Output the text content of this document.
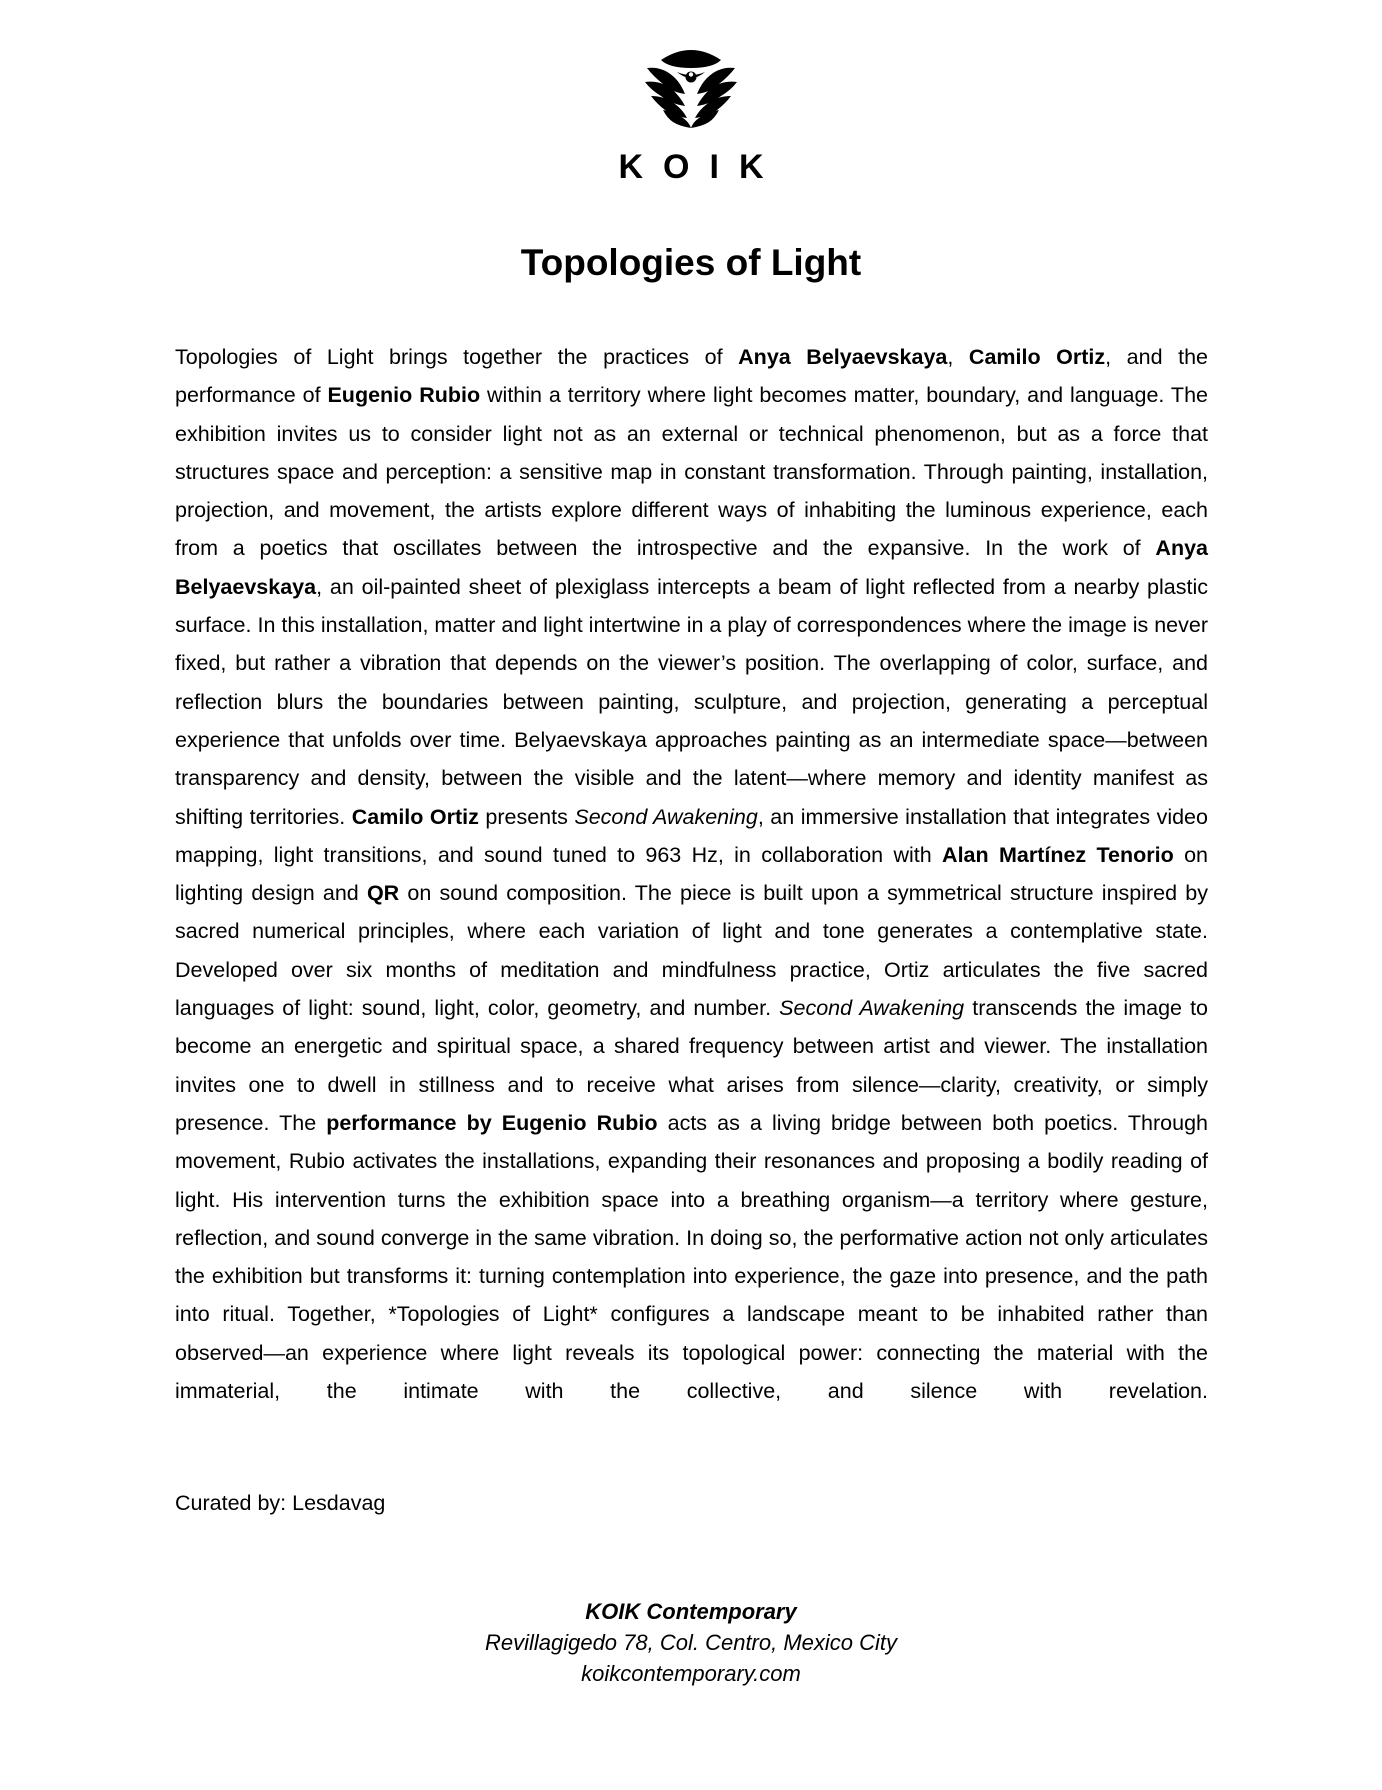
KOIK
Topologies of Light

Topologies of Light brings together the practices of Anya Belyaevskaya, Camilo Ortiz, and the performance of Eugenio Rubio within a territory where light becomes matter, boundary, and language. The exhibition invites us to consider light not as an external or technical phenomenon, but as a force that structures space and perception: a sensitive map in constant transformation. Through painting, installation, projection, and movement, the artists explore different ways of inhabiting the luminous experience, each from a poetics that oscillates between the introspective and the expansive. In the work of Anya Belyaevskaya, an oil-painted sheet of plexiglass intercepts a beam of light reflected from a nearby plastic surface. In this installation, matter and light intertwine in a play of correspondences where the image is never fixed, but rather a vibration that depends on the viewer’s position. The overlapping of color, surface, and reflection blurs the boundaries between painting, sculpture, and projection, generating a perceptual experience that unfolds over time. Belyaevskaya approaches painting as an intermediate space—between transparency and density, between the visible and the latent—where memory and identity manifest as shifting territories. Camilo Ortiz presents Second Awakening, an immersive installation that integrates video mapping, light transitions, and sound tuned to 963 Hz, in collaboration with Alan Martínez Tenorio on lighting design and QR on sound composition. The piece is built upon a symmetrical structure inspired by sacred numerical principles, where each variation of light and tone generates a contemplative state. Developed over six months of meditation and mindfulness practice, Ortiz articulates the five sacred languages of light: sound, light, color, geometry, and number. Second Awakening transcends the image to become an energetic and spiritual space, a shared frequency between artist and viewer. The installation invites one to dwell in stillness and to receive what arises from silence—clarity, creativity, or simply presence. The performance by Eugenio Rubio acts as a living bridge between both poetics. Through movement, Rubio activates the installations, expanding their resonances and proposing a bodily reading of light. His intervention turns the exhibition space into a breathing organism—a territory where gesture, reflection, and sound converge in the same vibration. In doing so, the performative action not only articulates the exhibition but transforms it: turning contemplation into experience, the gaze into presence, and the path into ritual. Together, *Topologies of Light* configures a landscape meant to be inhabited rather than observed—an experience where light reveals its topological power: connecting the material with the immaterial, the intimate with the collective, and silence with revelation.

Curated by: Lesdavag

KOIK Contemporary
Revillagigedo 78, Col. Centro, Mexico City
koikcontemporary.com
